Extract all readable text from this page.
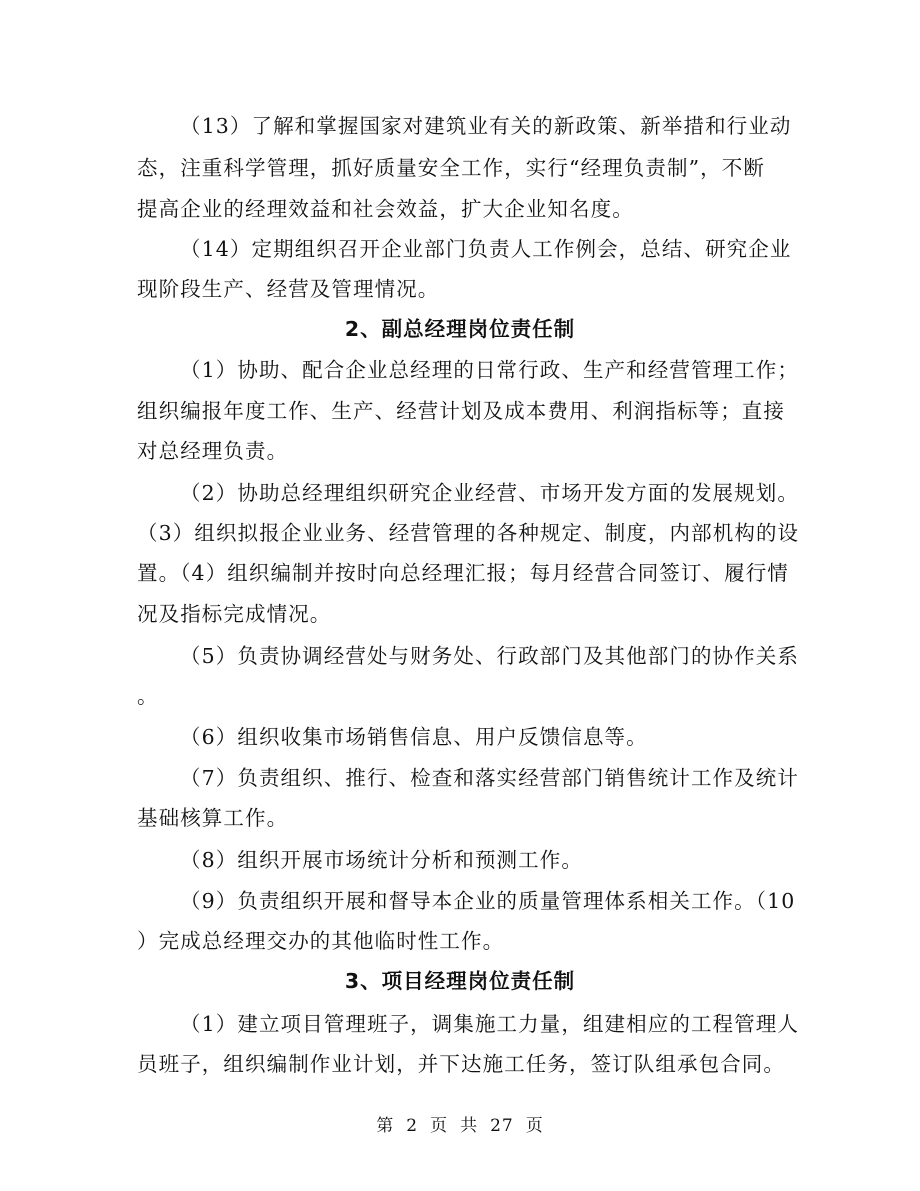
（13）了解和掌握国家对建筑业有关的新政策、新举措和行业动
态，注重科学管理，抓好质量安全工作，实行“经理负责制”，不断
提高企业的经理效益和社会效益，扩大企业知名度。
（14）定期组织召开企业部门负责人工作例会，总结、研究企业
现阶段生产、经营及管理情况。
2、副总经理岗位责任制
（1）协助、配合企业总经理的日常行政、生产和经营管理工作；
组织编报年度工作、生产、经营计划及成本费用、利润指标等；直接
对总经理负责。
（2）协助总经理组织研究企业经营、市场开发方面的发展规划。
（3）组织拟报企业业务、经营管理的各种规定、制度，内部机构的设
置。（4）组织编制并按时向总经理汇报；每月经营合同签订、履行情
况及指标完成情况。
（5）负责协调经营处与财务处、行政部门及其他部门的协作关系
。
（6）组织收集市场销售信息、用户反馈信息等。
（7）负责组织、推行、检查和落实经营部门销售统计工作及统计
基础核算工作。
（8）组织开展市场统计分析和预测工作。
（9）负责组织开展和督导本企业的质量管理体系相关工作。（10
）完成总经理交办的其他临时性工作。
3、项目经理岗位责任制
（1）建立项目管理班子，调集施工力量，组建相应的工程管理人
员班子，组织编制作业计划，并下达施工任务，签订队组承包合同。
第 2 页 共 27 页
